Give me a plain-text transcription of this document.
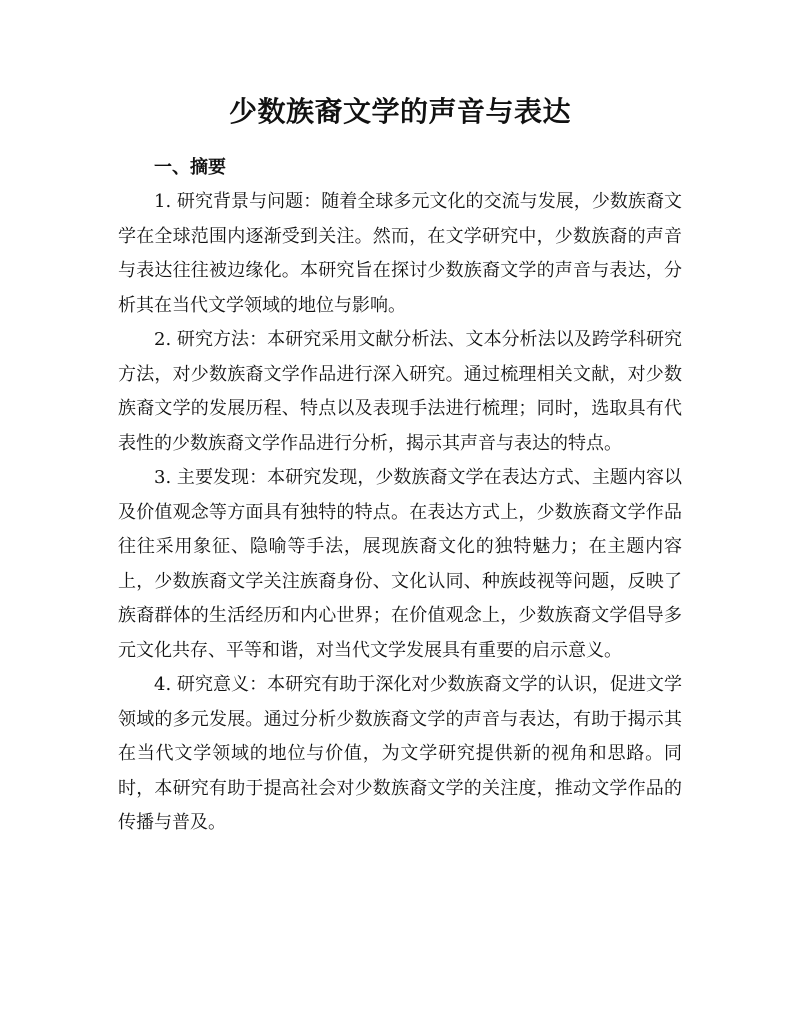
少数族裔文学的声音与表达
一、摘要

1. 研究背景与问题：随着全球多元文化的交流与发展，少数族裔文学在全球范围内逐渐受到关注。然而，在文学研究中，少数族裔的声音与表达往往被边缘化。本研究旨在探讨少数族裔文学的声音与表达，分析其在当代文学领域的地位与影响。

2. 研究方法：本研究采用文献分析法、文本分析法以及跨学科研究方法，对少数族裔文学作品进行深入研究。通过梳理相关文献，对少数族裔文学的发展历程、特点以及表现手法进行梳理；同时，选取具有代表性的少数族裔文学作品进行分析，揭示其声音与表达的特点。

3. 主要发现：本研究发现，少数族裔文学在表达方式、主题内容以及价值观念等方面具有独特的特点。在表达方式上，少数族裔文学作品往往采用象征、隐喻等手法，展现族裔文化的独特魅力；在主题内容上，少数族裔文学关注族裔身份、文化认同、种族歧视等问题，反映了族裔群体的生活经历和内心世界；在价值观念上，少数族裔文学倡导多元文化共存、平等和谐，对当代文学发展具有重要的启示意义。

4. 研究意义：本研究有助于深化对少数族裔文学的认识，促进文学领域的多元发展。通过分析少数族裔文学的声音与表达，有助于揭示其在当代文学领域的地位与价值，为文学研究提供新的视角和思路。同时，本研究有助于提高社会对少数族裔文学的关注度，推动文学作品的传播与普及。
